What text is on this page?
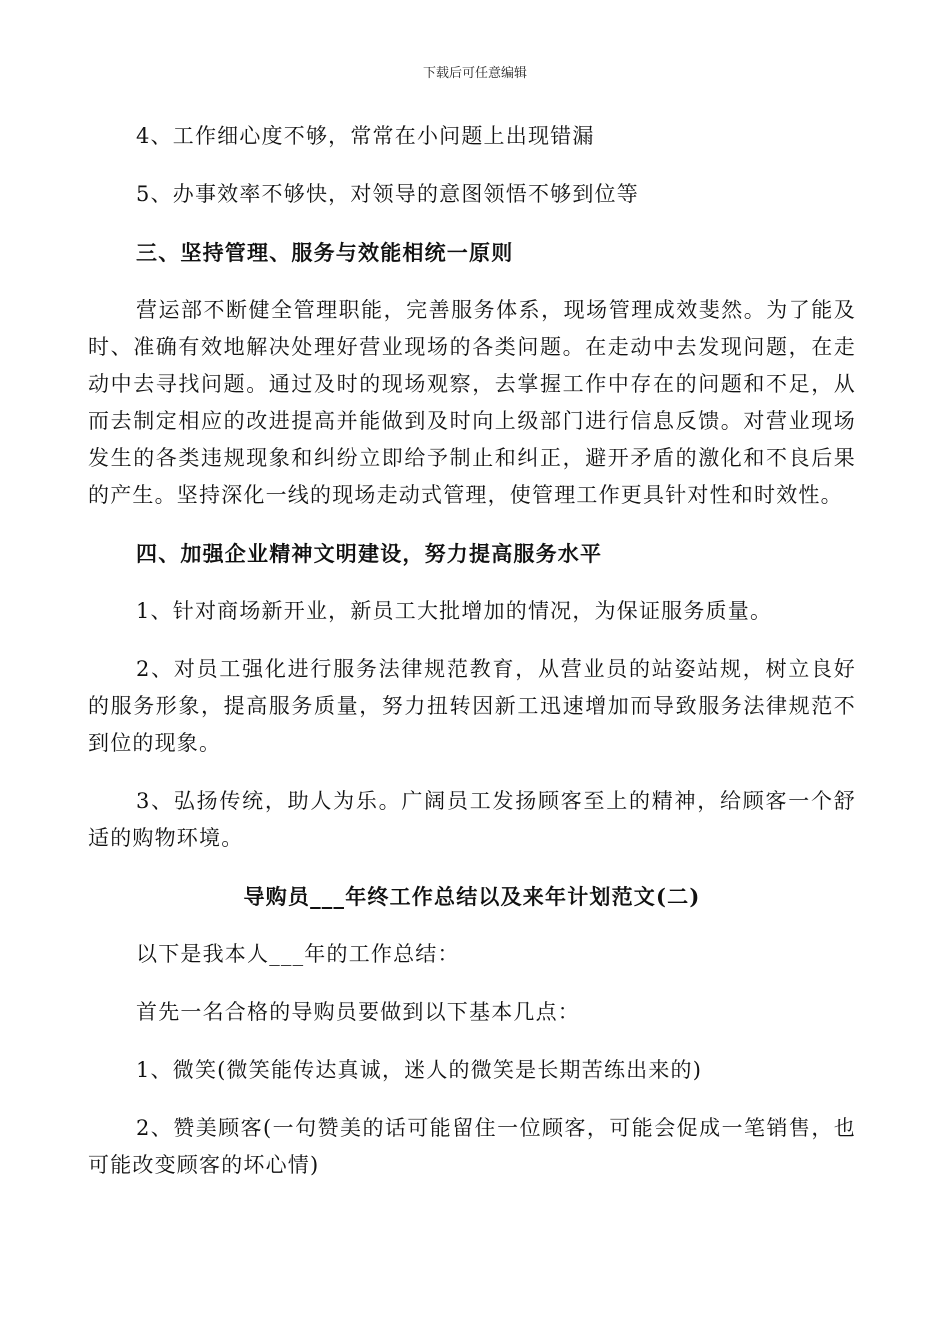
下载后可任意编辑

4、工作细心度不够，常常在小问题上出现错漏

5、办事效率不够快，对领导的意图领悟不够到位等

三、坚持管理、服务与效能相统一原则

营运部不断健全管理职能，完善服务体系，现场管理成效斐然。为了能及时、准确有效地解决处理好营业现场的各类问题。在走动中去发现问题，在走动中去寻找问题。通过及时的现场观察，去掌握工作中存在的问题和不足，从而去制定相应的改进提高并能做到及时向上级部门进行信息反馈。对营业现场发生的各类违规现象和纠纷立即给予制止和纠正，避开矛盾的激化和不良后果的产生。坚持深化一线的现场走动式管理，使管理工作更具针对性和时效性。

四、加强企业精神文明建设，努力提高服务水平

1、针对商场新开业，新员工大批增加的情况，为保证服务质量。

2、对员工强化进行服务法律规范教育，从营业员的站姿站规，树立良好的服务形象，提高服务质量，努力扭转因新工迅速增加而导致服务法律规范不到位的现象。

3、弘扬传统，助人为乐。广阔员工发扬顾客至上的精神，给顾客一个舒适的购物环境。

导购员___年终工作总结以及来年计划范文(二)

以下是我本人___年的工作总结：

首先一名合格的导购员要做到以下基本几点：

1、微笑(微笑能传达真诚，迷人的微笑是长期苦练出来的)

2、赞美顾客(一句赞美的话可能留住一位顾客，可能会促成一笔销售，也可能改变顾客的坏心情)
